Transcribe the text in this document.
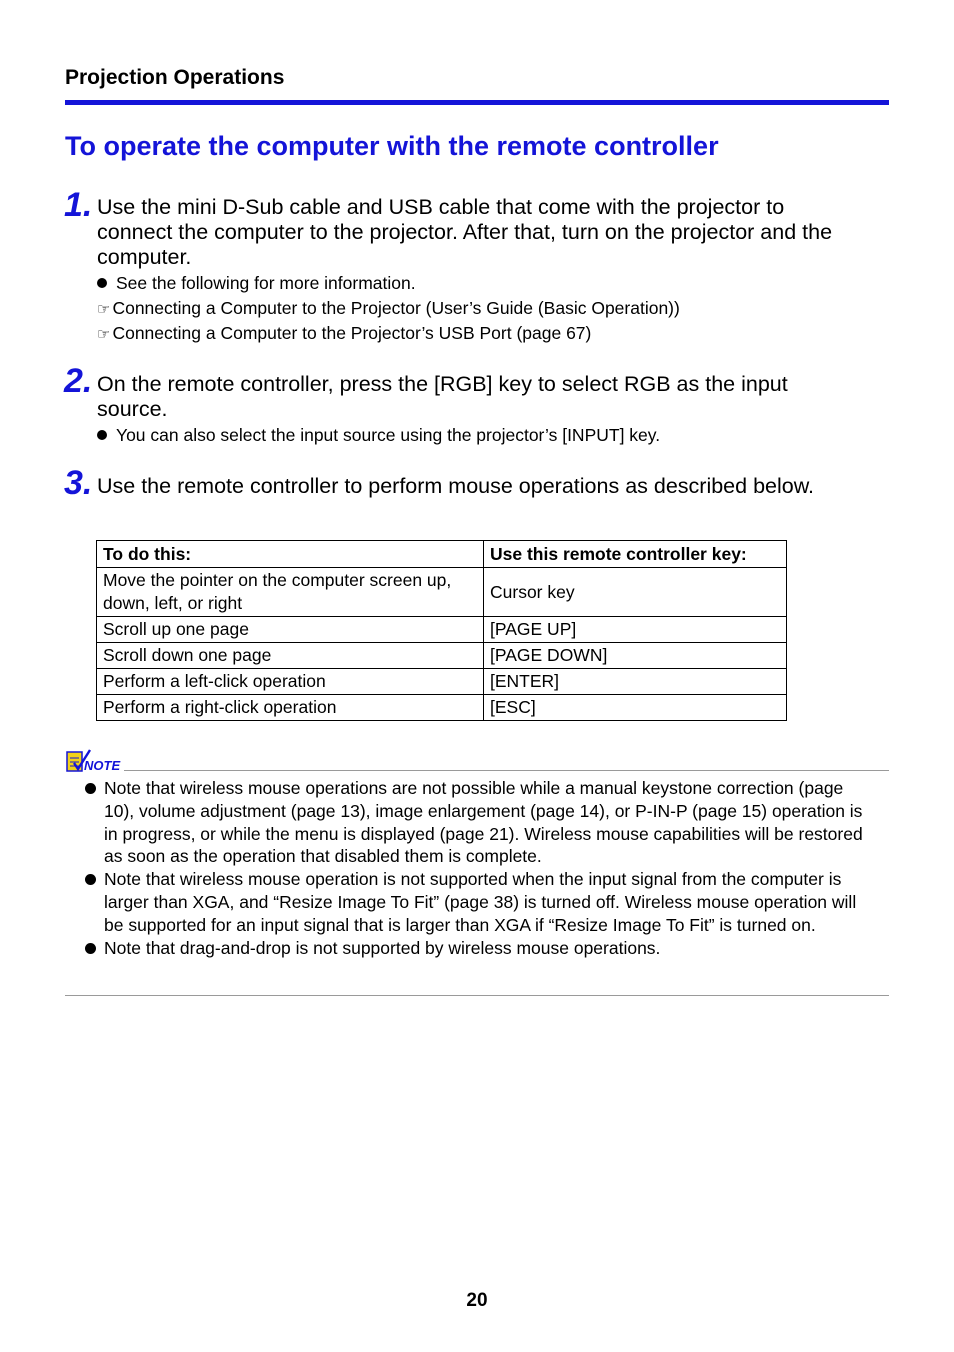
Projection Operations
To operate the computer with the remote controller
1. Use the mini D-Sub cable and USB cable that come with the projector to connect the computer to the projector. After that, turn on the projector and the computer.
See the following for more information.
☞ Connecting a Computer to the Projector (User’s Guide (Basic Operation))
☞ Connecting a Computer to the Projector’s USB Port (page 67)
2. On the remote controller, press the [RGB] key to select RGB as the input source.
You can also select the input source using the projector’s [INPUT] key.
3. Use the remote controller to perform mouse operations as described below.
To do this:	Use this remote controller key:
Move the pointer on the computer screen up, down, left, or right	Cursor key
Scroll up one page	[PAGE UP]
Scroll down one page	[PAGE DOWN]
Perform a left-click operation	[ENTER]
Perform a right-click operation	[ESC]
NOTE
Note that wireless mouse operations are not possible while a manual keystone correction (page 10), volume adjustment (page 13), image enlargement (page 14), or P-IN-P (page 15) operation is in progress, or while the menu is displayed (page 21). Wireless mouse capabilities will be restored as soon as the operation that disabled them is complete.
Note that wireless mouse operation is not supported when the input signal from the computer is larger than XGA, and “Resize Image To Fit” (page 38) is turned off. Wireless mouse operation will be supported for an input signal that is larger than XGA if “Resize Image To Fit” is turned on.
Note that drag-and-drop is not supported by wireless mouse operations.
20
